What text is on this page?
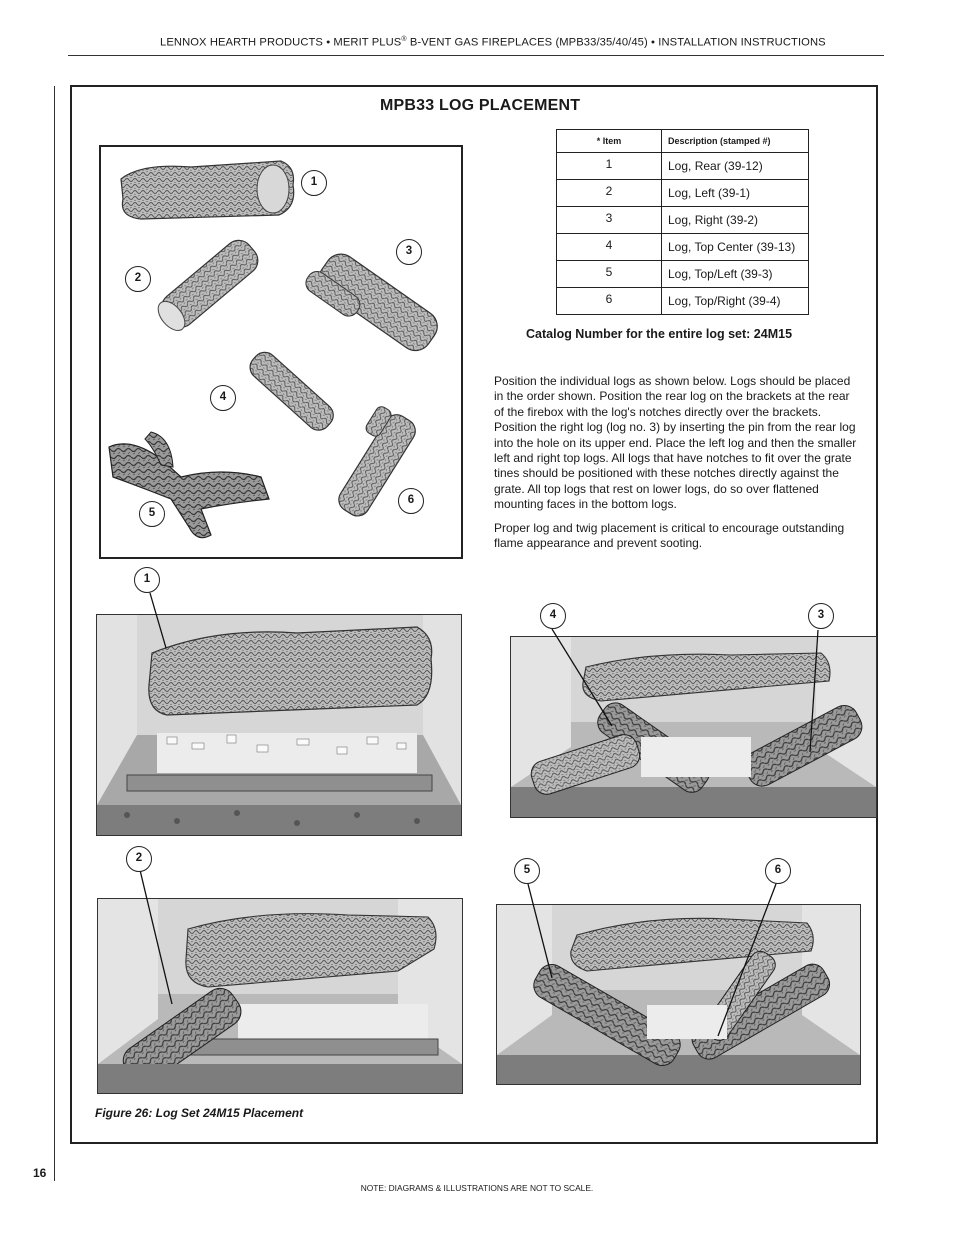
LENNOX HEARTH PRODUCTS • MERIT PLUS® B-VENT GAS FIREPLACES (MPB33/35/40/45) • INSTALLATION INSTRUCTIONS
MPB33 LOG PLACEMENT
* Item	Description (stamped #)
1	Log, Rear (39-12)
2	Log, Left (39-1)
3	Log, Right (39-2)
4	Log, Top Center (39-13)
5	Log, Top/Left (39-3)
6	Log, Top/Right (39-4)
Catalog Number for the entire log set: 24M15

Position the individual logs as shown below. Logs should be placed in the order shown. Position the rear log on the brackets at the rear of the firebox with the log's notches directly over the brackets. Position the right log (log no. 3) by inserting the pin from the rear log into the hole on its upper end. Place the left log and then the smaller left and right top logs. All logs that have notches to fit over the grate tines should be positioned with these notches directly against the grate. All top logs that rest on lower logs, do so over flattened mounting faces in the bottom logs.

Proper log and twig placement is critical to encourage outstanding flame appearance and prevent sooting.

1
3
2
4
6
5
1
4	3
2
5	6
Figure 26: Log Set 24M15 Placement
16
NOTE: DIAGRAMS & ILLUSTRATIONS ARE NOT TO SCALE.
